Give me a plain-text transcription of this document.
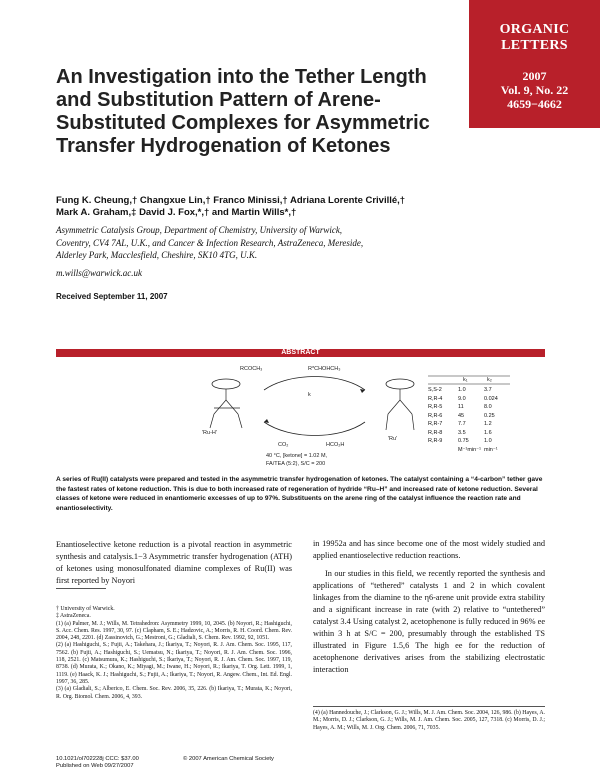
ORGANIC
LETTERS
2007
Vol. 9, No. 22
4659−4662
An Investigation into the Tether Length and Substitution Pattern of Arene-Substituted Complexes for Asymmetric Transfer Hydrogenation of Ketones
Fung K. Cheung,† Changxue Lin,† Franco Minissi,† Adriana Lorente Crivillé,†
Mark A. Graham,‡ David J. Fox,*,† and Martin Wills*,†
Asymmetric Catalysis Group, Department of Chemistry, University of Warwick,
Coventry, CV4 7AL, U.K., and Cancer & Infection Research, AstraZeneca, Mereside,
Alderley Park, Macclesfield, Cheshire, SK10 4TG, U.K.
m.wills@warwick.ac.uk
Received September 11, 2007
ABSTRACT
RCOCH₃	R*CHOHCH₃
k
CO₂	HCO₂H
'Ru-H'
'Ru'
40 °C, [ketone] = 1.02 M,
FA/TEA (5:2), S/C = 200
k₁	k₂
S,S-2	1.0	3.7
R,R-4	9.0	0.024
R,R-5	11	8.0
R,R-6	45	0.25
R,R-7	7.7	1.2
R,R-8	3.5	1.6
R,R-9	0.75	1.0
M⁻¹min⁻¹ min⁻¹
A series of Ru(II) catalysts were prepared and tested in the asymmetric transfer hydrogenation of ketones. The catalyst containing a “4-carbon” tether gave the fastest rates of ketone reduction. This is due to both increased rate of regeneration of hydride “Ru–H” and increased rate of ketone reduction. Several classes of ketone were reduced in enantiomeric excesses of up to 97%. Substituents on the arene ring of the catalyst influence the reaction rate and enantioselectivity.
Enantioselective ketone reduction is a pivotal reaction in asymmetric synthesis and catalysis.1−3 Asymmetric transfer hydrogenation (ATH) of ketones using monosulfonated diamine complexes of Ru(II) was first reported by Noyori

† University of Warwick.

‡ AstraZeneca.

(1) (a) Palmer, M. J.; Wills, M. Tetrahedron: Asymmetry 1999, 10, 2045. (b) Noyori, R.; Hashiguchi, S. Acc. Chem. Res. 1997, 30, 97. (c) Clapham, S. E.; Hadzovic, A.; Morris, R. H. Coord. Chem. Rev. 2004, 248, 2201. (d) Zassinovich, G.; Mestroni, G.; Gladiali, S. Chem. Rev. 1992, 92, 1051.

(2) (a) Hashiguchi, S.; Fujii, A.; Takehara, J.; Ikariya, T.; Noyori, R. J. Am. Chem. Soc. 1995, 117, 7562. (b) Fujii, A.; Hashiguchi, S.; Uematsu, N.; Ikariya, T.; Noyori, R. J. Am. Chem. Soc. 1996, 118, 2521. (c) Matsumura, K.; Hashiguchi, S.; Ikariya, T.; Noyori, R. J. Am. Chem. Soc. 1997, 119, 8738. (d) Murata, K.; Okano, K.; Miyagi, M.; Iwane, H.; Noyori, R.; Ikariya, T. Org. Lett. 1999, 1, 1119. (e) Haack, K. J.; Hashiguchi, S.; Fujii, A.; Ikariya, T.; Noyori, R. Angew. Chem., Int. Ed. Engl. 1997, 36, 285.

(3) (a) Gladiali, S.; Alberico, E. Chem. Soc. Rev. 2006, 35, 226. (b) Ikariya, T.; Murata, K.; Noyori, R. Org. Biomol. Chem. 2006, 4, 393.

in 19952a and has since become one of the most widely studied and applied enantioselective reduction reactions.
In our studies in this field, we recently reported the synthesis and applications of “tethered” catalysts 1 and 2 in which covalent linkages from the diamine to the η6-arene unit provide extra stability and a significant increase in rate (with 2) relative to “untethered” catalyst 3.4 Using catalyst 2, acetophenone is fully reduced in 96% ee within 3 h at S/C = 200, presumably through the established TS illustrated in Figure 1.5,6 The high ee for the reduction of acetophenone derivatives arises from the stabilizing electrostatic interaction
(4) (a) Hannedouche, J.; Clarkson, G. J.; Wills, M. J. Am. Chem. Soc. 2004, 126, 986. (b) Hayes, A. M.; Morris, D. J.; Clarkson, G. J.; Wills, M. J. Am. Chem. Soc. 2005, 127, 7318. (c) Morris, D. J.; Hayes, A. M.; Wills, M. J. Org. Chem. 2006, 71, 7035.
10.1021/ol702228j CCC: $37.00
Published on Web 09/27/2007
© 2007 American Chemical Society
